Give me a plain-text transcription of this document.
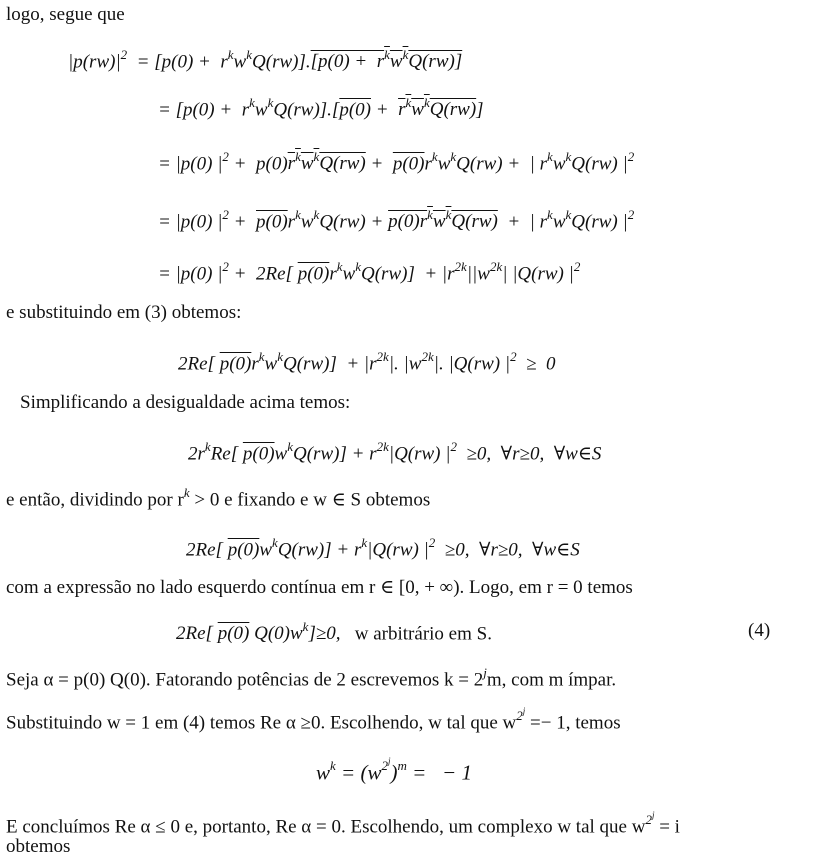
logo, segue que
$|p(rw)|^2 = [p(0) + r^kw^kQ(rw)].[p(0) + r^kw^kQ(rw)]$
= $[p(0) + r^kw^kQ(rw)].[p(0) + r^kw^kQ(rw)]$
= |p(0) $|^2 + p(0)r^kw^kQ(rw) + p(0)r^kw^kQ(rw)$ +  | $r^kw^kQ(rw)$ $|^2$
= |p(0) $|^2 + p(0)r^kw^kQ(rw) + p(0)r^kw^kQ(rw)$  +  | $r^kw^kQ(rw)$ $|^2$
= |p(0) $|^2 + 2Re$[ $p(0)r^kw^kQ(rw)] + |r^{2k}||w^{2k}|$ |Q(rw) $|^2$
e substituindo em (3) obtemos:
2Re[ $p(0)r^kw^kQ(rw)] + |r^{2k}|$. $|w^{2k}|$. |Q(rw) $|^2 \ge 0$
Simplificando a desigualdade acima temos:
$2r^kRe$[ $p(0)w^kQ(rw)] + r^{2k}|Q(rw)$ $|^2 \ge 0$,  ∀r≥0,  ∀w∈S
e então, dividindo por $r^k > 0$ e fixando e w ∈ S obtemos
2Re[ $p(0)w^kQ(rw)] + r^k|Q(rw)$ $|^2 \ge 0$,  ∀r≥0,  ∀w∈S
com a expressão no lado esquerdo contínua em r ∈ [0, + ∞). Logo, em r = 0 temos
2Re[ p(0) $Q(0)w^k]\ge 0$, w arbitrário em S.	(4)
Seja α = p(0) Q(0). Fatorando potências de 2 escrevemos $k = 2^jm$, com m ímpar.
Substituindo w = 1 em (4) temos Re α ≥0. Escolhendo, w tal que $w^{2^j} =- 1$, temos
$w^k = (w^{2^j})^m$ =   − 1
E concluímos Re α ≤ 0 e, portanto, Re α = 0. Escolhendo, um complexo w tal que $w^{2^j} = i$
obtemos
